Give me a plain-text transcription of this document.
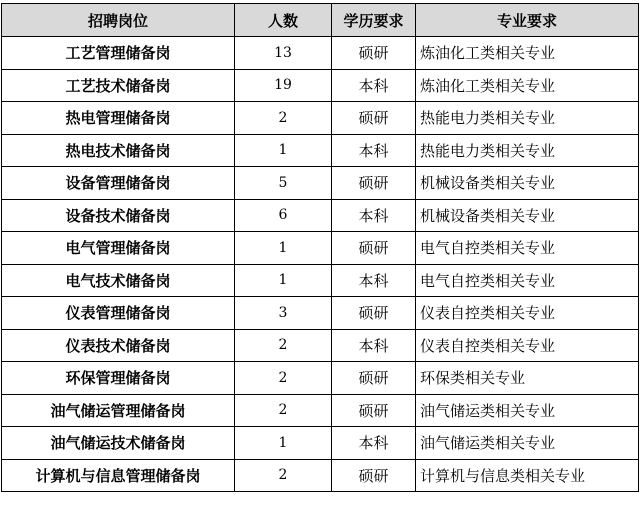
招聘岗位	人数	学历要求	专业要求
工艺管理储备岗	13	硕研	炼油化工类相关专业
工艺技术储备岗	19	本科	炼油化工类相关专业
热电管理储备岗	2	硕研	热能电力类相关专业
热电技术储备岗	1	本科	热能电力类相关专业
设备管理储备岗	5	硕研	机械设备类相关专业
设备技术储备岗	6	本科	机械设备类相关专业
电气管理储备岗	1	硕研	电气自控类相关专业
电气技术储备岗	1	本科	电气自控类相关专业
仪表管理储备岗	3	硕研	仪表自控类相关专业
仪表技术储备岗	2	本科	仪表自控类相关专业
环保管理储备岗	2	硕研	环保类相关专业
油气储运管理储备岗	2	硕研	油气储运类相关专业
油气储运技术储备岗	1	本科	油气储运类相关专业
计算机与信息管理储备岗	2	硕研	计算机与信息类相关专业
